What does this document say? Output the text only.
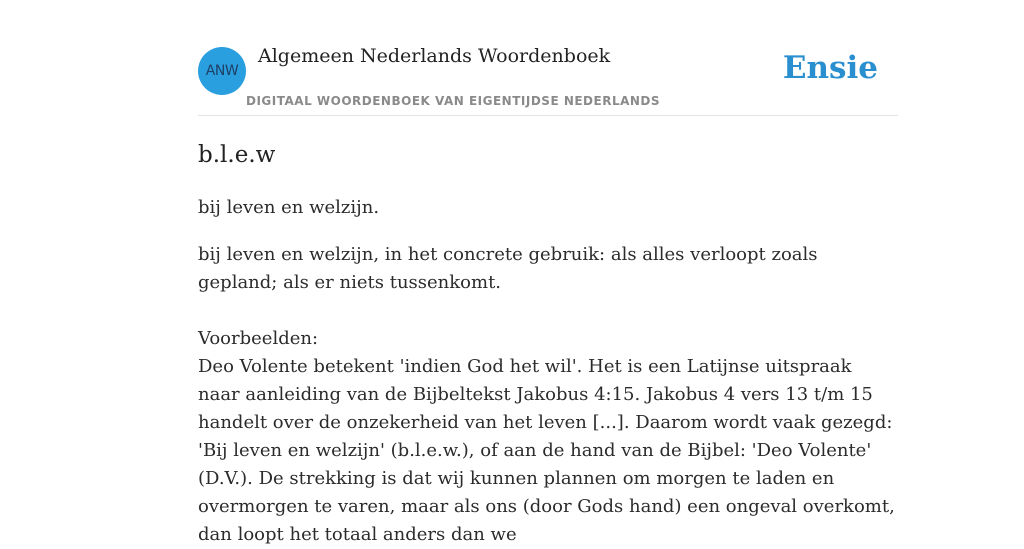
ANW
Algemeen Nederlands Woordenboek
DIGITAAL WOORDENBOEK VAN EIGENTIJDSE NEDERLANDS
Ensie
b.l.e.w
bij leven en welzijn.
bij leven en welzijn, in het concrete gebruik: als alles verloopt zoals gepland; als er niets tussenkomt.
Voorbeelden:
Deo Volente betekent 'indien God het wil'. Het is een Latijnse uitspraak naar aanleiding van de Bijbeltekst Jakobus 4:15. Jakobus 4 vers 13 t/m 15 handelt over de onzekerheid van het leven [...]. Daarom wordt vaak gezegd: 'Bij leven en welzijn' (b.l.e.w.), of aan de hand van de Bijbel: 'Deo Volente' (D.V.). De strekking is dat wij kunnen plannen om morgen te laden en overmorgen te varen, maar als ons (door Gods hand) een ongeval overkomt, dan loopt het totaal anders dan we
